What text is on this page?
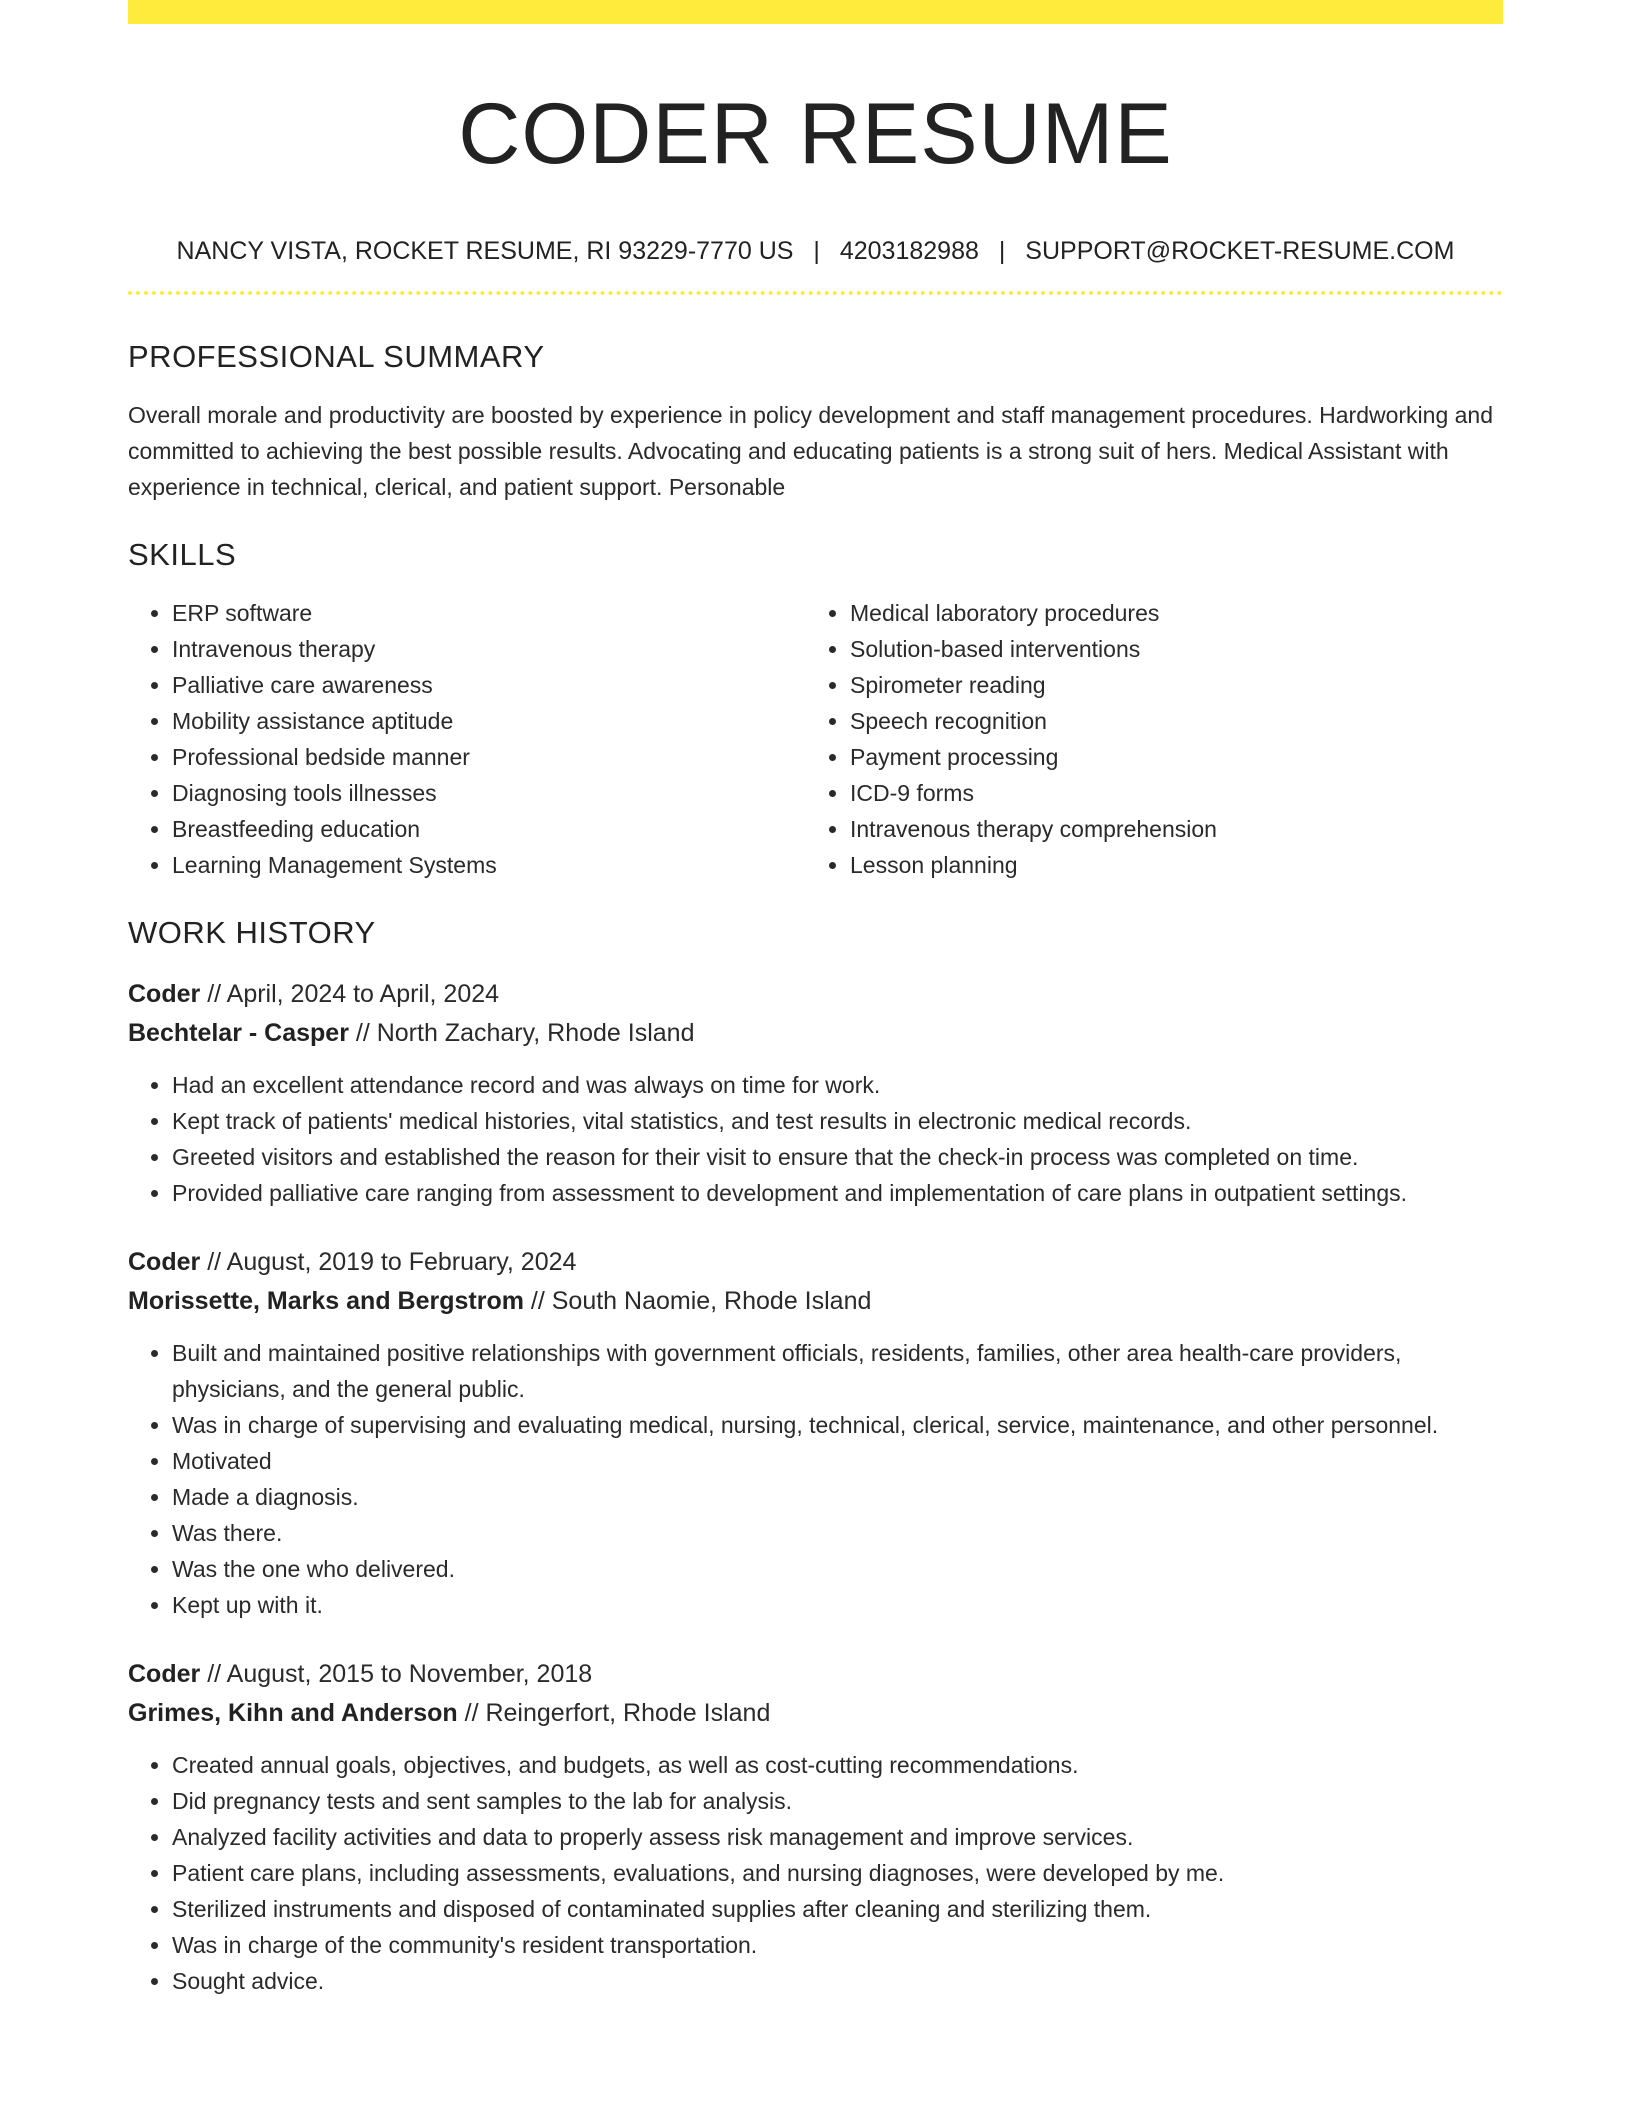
CODER RESUME
NANCY VISTA, ROCKET RESUME, RI 93229-7770 US | 4203182988 | SUPPORT@ROCKET-RESUME.COM
PROFESSIONAL SUMMARY

Overall morale and productivity are boosted by experience in policy development and staff management procedures. Hardworking and committed to achieving the best possible results. Advocating and educating patients is a strong suit of hers. Medical Assistant with experience in technical, clerical, and patient support. Personable

SKILLS
• ERP software
• Intravenous therapy
• Palliative care awareness
• Mobility assistance aptitude
• Professional bedside manner
• Diagnosing tools illnesses
• Breastfeeding education
• Learning Management Systems
• Medical laboratory procedures
• Solution-based interventions
• Spirometer reading
• Speech recognition
• Payment processing
• ICD-9 forms
• Intravenous therapy comprehension
• Lesson planning
WORK HISTORY
Coder // April, 2024 to April, 2024
Bechtelar - Casper // North Zachary, Rhode Island
• Had an excellent attendance record and was always on time for work.
• Kept track of patients' medical histories, vital statistics, and test results in electronic medical records.
• Greeted visitors and established the reason for their visit to ensure that the check-in process was completed on time.
• Provided palliative care ranging from assessment to development and implementation of care plans in outpatient settings.
Coder // August, 2019 to February, 2024
Morissette, Marks and Bergstrom // South Naomie, Rhode Island
• Built and maintained positive relationships with government officials, residents, families, other area health-care providers, physicians, and the general public.
• Was in charge of supervising and evaluating medical, nursing, technical, clerical, service, maintenance, and other personnel.
• Motivated
• Made a diagnosis.
• Was there.
• Was the one who delivered.
• Kept up with it.
Coder // August, 2015 to November, 2018
Grimes, Kihn and Anderson // Reingerfort, Rhode Island
• Created annual goals, objectives, and budgets, as well as cost-cutting recommendations.
• Did pregnancy tests and sent samples to the lab for analysis.
• Analyzed facility activities and data to properly assess risk management and improve services.
• Patient care plans, including assessments, evaluations, and nursing diagnoses, were developed by me.
• Sterilized instruments and disposed of contaminated supplies after cleaning and sterilizing them.
• Was in charge of the community's resident transportation.
• Sought advice.
